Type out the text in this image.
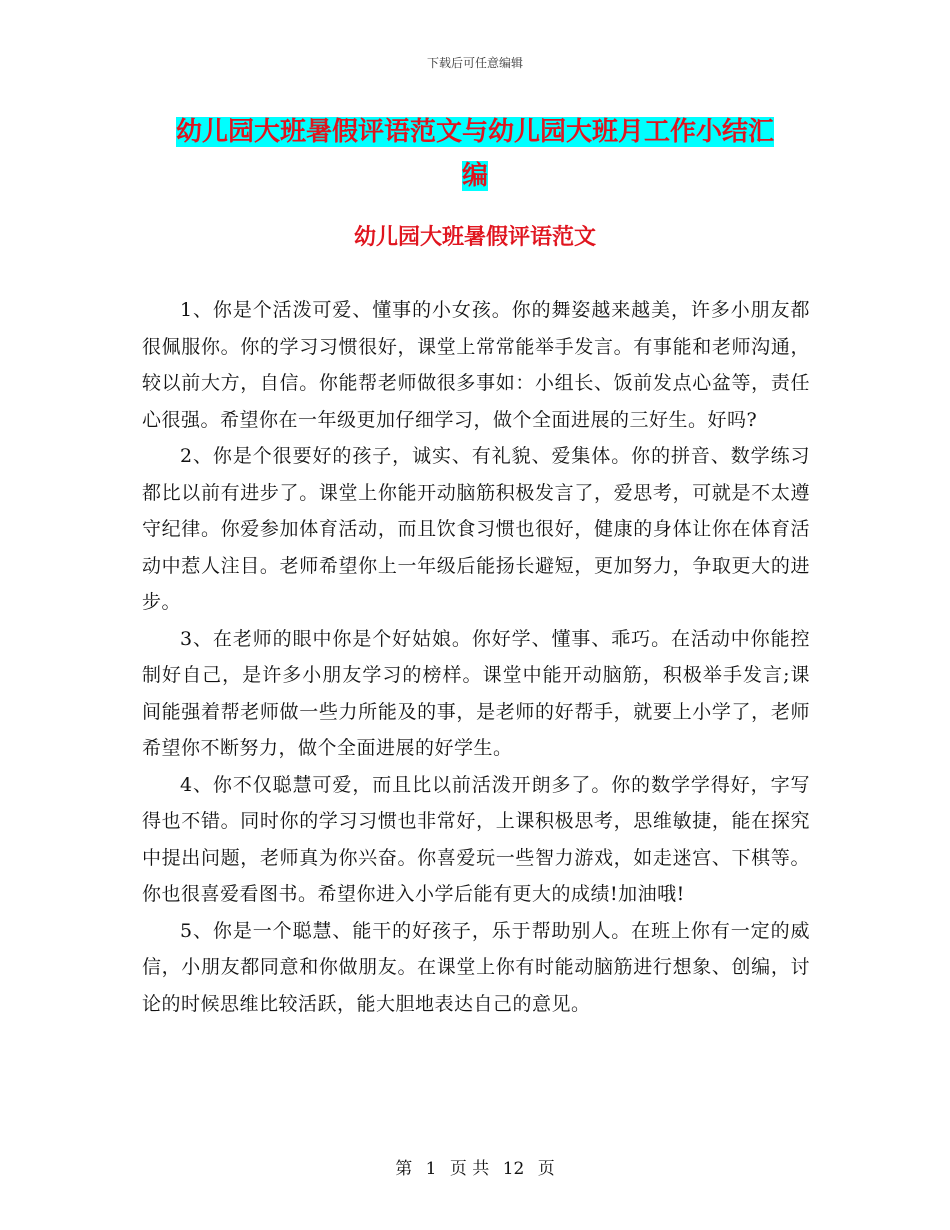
下载后可任意编辑
幼儿园大班暑假评语范文与幼儿园大班月工作小结汇
编
幼儿园大班暑假评语范文

1、你是个活泼可爱、懂事的小女孩。你的舞姿越来越美，许多小朋友都很佩服你。你的学习习惯很好，课堂上常常能举手发言。有事能和老师沟通，较以前大方，自信。你能帮老师做很多事如：小组长、饭前发点心盆等，责任心很强。希望你在一年级更加仔细学习，做个全面进展的三好生。好吗?

2、你是个很要好的孩子，诚实、有礼貌、爱集体。你的拼音、数学练习都比以前有进步了。课堂上你能开动脑筋积极发言了，爱思考，可就是不太遵守纪律。你爱参加体育活动，而且饮食习惯也很好，健康的身体让你在体育活动中惹人注目。老师希望你上一年级后能扬长避短，更加努力，争取更大的进步。

3、在老师的眼中你是个好姑娘。你好学、懂事、乖巧。在活动中你能控制好自己，是许多小朋友学习的榜样。课堂中能开动脑筋，积极举手发言;课间能强着帮老师做一些力所能及的事，是老师的好帮手，就要上小学了，老师希望你不断努力，做个全面进展的好学生。

4、你不仅聪慧可爱，而且比以前活泼开朗多了。你的数学学得好，字写得也不错。同时你的学习习惯也非常好，上课积极思考，思维敏捷，能在探究中提出问题，老师真为你兴奋。你喜爱玩一些智力游戏，如走迷宫、下棋等。你也很喜爱看图书。希望你进入小学后能有更大的成绩!加油哦!

5、你是一个聪慧、能干的好孩子，乐于帮助别人。在班上你有一定的威信，小朋友都同意和你做朋友。在课堂上你有时能动脑筋进行想象、创编，讨论的时候思维比较活跃，能大胆地表达自己的意见。

第 1 页 共 12 页
